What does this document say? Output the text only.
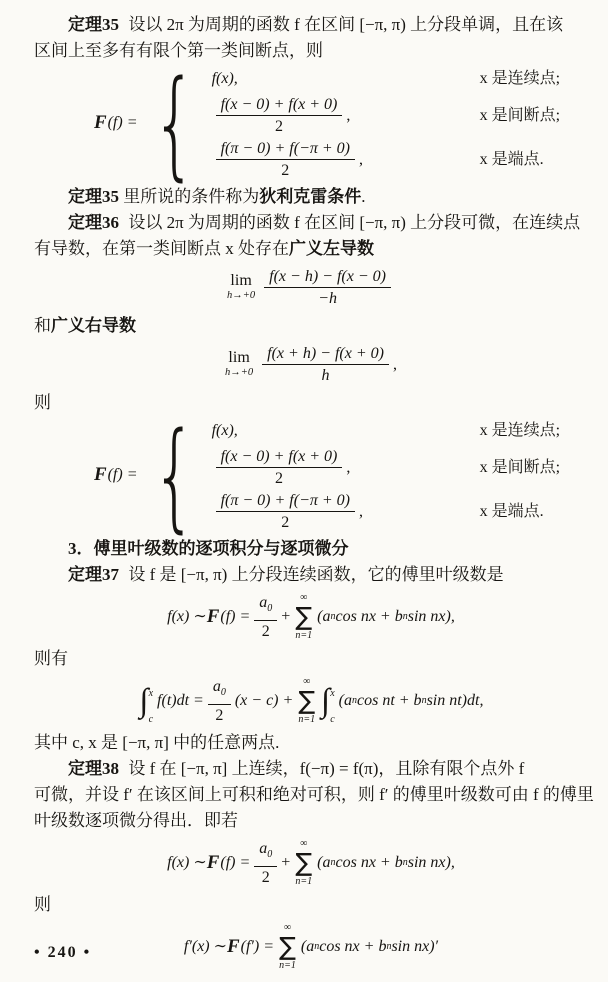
定理35 设以 2π 为周期的函数 f 在区间 [−π, π) 上分段单调，且在该
区间上至多有有限个第一类间断点，则
F (f) = { f(x),	x 是连续点;
$\frac{f(x - 0) + f(x + 0)}{2}$ ,	x 是间断点;
$\frac{f(\pi - 0) + f(-\pi + 0)}{2}$ ,	x 是端点.
定理35 里所说的条件称为狄利克雷条件.
定理36 设以 2π 为周期的函数 f 在区间 [−π, π) 上分段可微，在连续点
有导数，在第一类间断点 x 处存在广义左导数
lim
$h\to+0 \frac{f(x - h) - f(x - 0)}{-h}$
和广义右导数
lim
$h\to+0 \frac{f(x + h) - f(x + 0)}{h}$ ,
则
F (f) = { f(x),	x 是连续点;
$\frac{f(x - 0) + f(x + 0)}{2}$ ,	x 是间断点;
$\frac{f(\pi - 0) + f(-\pi + 0)}{2}$ ,	x 是端点.
3．傅里叶级数的逐项积分与逐项微分
定理37 设 f 是 [−π, π) 上分段连续函数，它的傅里叶级数是
f(x) ∼ F $(f) = \frac{a_0}{2}$ +
∞
∑
n=1
(a n cos nx + b n sin nx),
则有
∫ x
c
$f(t)dt = \frac{a_0}{2} (x - c)$ +
∞
∑
n=1
∫ x
c
(a n cos nt + b n sin nt)dt,
其中 c, x 是 [−π, π] 中的任意两点.
定理38 设 f 在 [−π, π] 上连续，f(−π) = f(π)，且除有限个点外 f
可微，并设 f′ 在该区间上可积和绝对可积，则 f′ 的傅里叶级数可由 f 的傅里
叶级数逐项微分得出．即若
f(x) ∼ F $(f) = \frac{a_0}{2}$ +
∞
∑
n=1
(a n cos nx + b n sin nx),
则
f′(x) ∼ F (f′) =
∞
∑
n=1
(a n cos nx + b n sin nx)′
• 240 •
